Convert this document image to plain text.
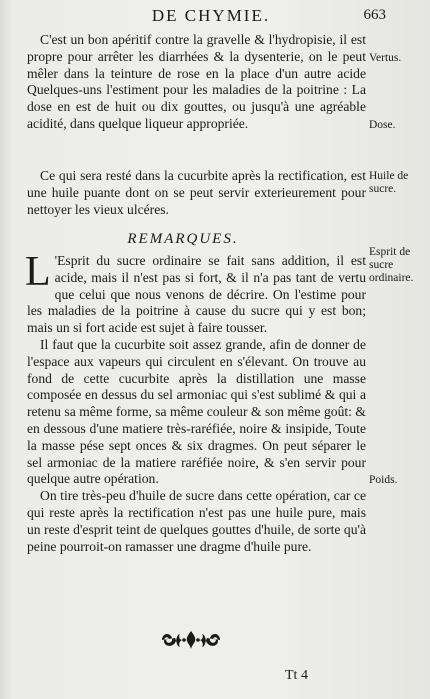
DE CHYMIE.	663

C'est un bon apéritif contre la gravelle & l'hydropisie, il est propre pour arrêter les diarrhées & la dysenterie, on le peut mêler dans la teinture de rose en la place d'un autre acide Quelques-uns l'estiment pour les maladies de la poitrine : La dose en est de huit ou dix gouttes, ou jusqu'à une agréable acidité, dans quelque liqueur appropriée.

Ce qui sera resté dans la cucurbite après la rectification, est une huile puante dont on se peut servir exterieurement pour nettoyer les vieux ulcéres.

REMARQUES.

L 'Esprit du sucre ordinaire se fait sans addition, il est acide, mais il n'est pas si fort, & il n'a pas tant de vertu que celui que nous venons de décrire. On l'estime pour les maladies de la poitrine à cause du sucre qui y est bon; mais un si fort acide est sujet à faire tousser.

Il faut que la cucurbite soit assez grande, afin de donner de l'espace aux vapeurs qui circulent en s'élevant. On trouve au fond de cette cucurbite après la distillation une masse composée en dessus du sel armoniac qui s'est sublimé & qui a retenu sa même forme, sa même couleur & son même goût: & en dessous d'une matiere très-raréfiée, noire & insipide, Toute la masse pése sept onces & six dragmes. On peut séparer le sel armoniac de la matiere raréfiée noire, & s'en servir pour quelque autre opération.

On tire très-peu d'huile de sucre dans cette opération, car ce qui reste après la rectification n'est pas une huile pure, mais un reste d'esprit teint de quelques gouttes d'huile, de sorte qu'à peine pourroit-on ramasser une dragme d'huile pure.

Vertus.
Dose.
Huile de sucre.
Esprit de sucre ordinaire.
Poids.
Tt 4
